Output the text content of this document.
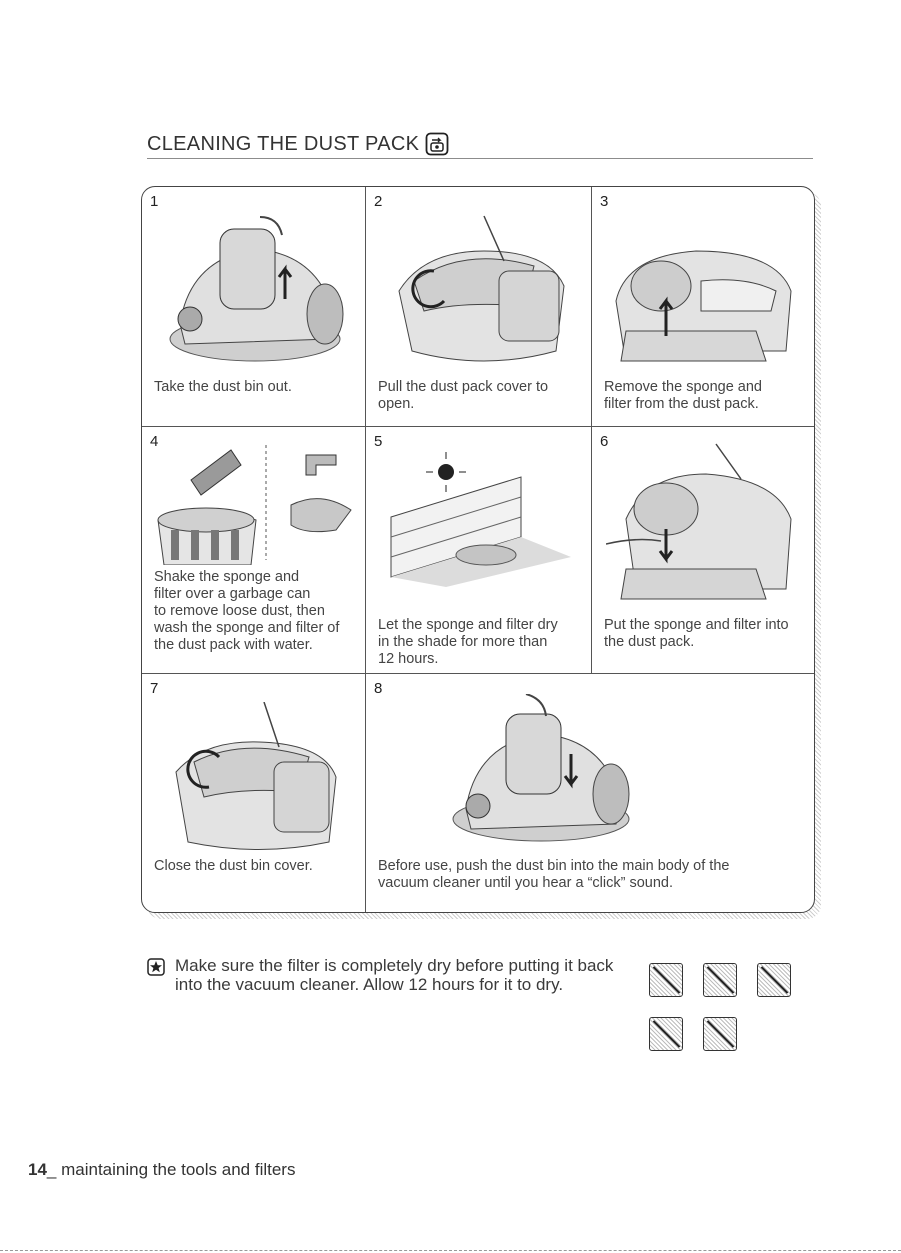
CLEANING THE DUST PACK
1
Take the dust bin out.
2
Pull the dust pack cover to
open.
3
Remove the sponge and
filter from the dust pack.
4
Shake the sponge and
filter over a garbage can
to remove loose dust, then
wash the sponge and filter of
the dust pack with water.
5
Let the sponge and filter dry
in the shade for more than
12 hours.
6
Put the sponge and filter into
the dust pack.
7
Close the dust bin cover.
8
Before use, push the dust bin into the main body of the
vacuum cleaner until you hear a “click” sound.
Make sure the filter is completely dry before putting it back
into the vacuum cleaner. Allow 12 hours for it to dry.
14_ maintaining the tools and filters
